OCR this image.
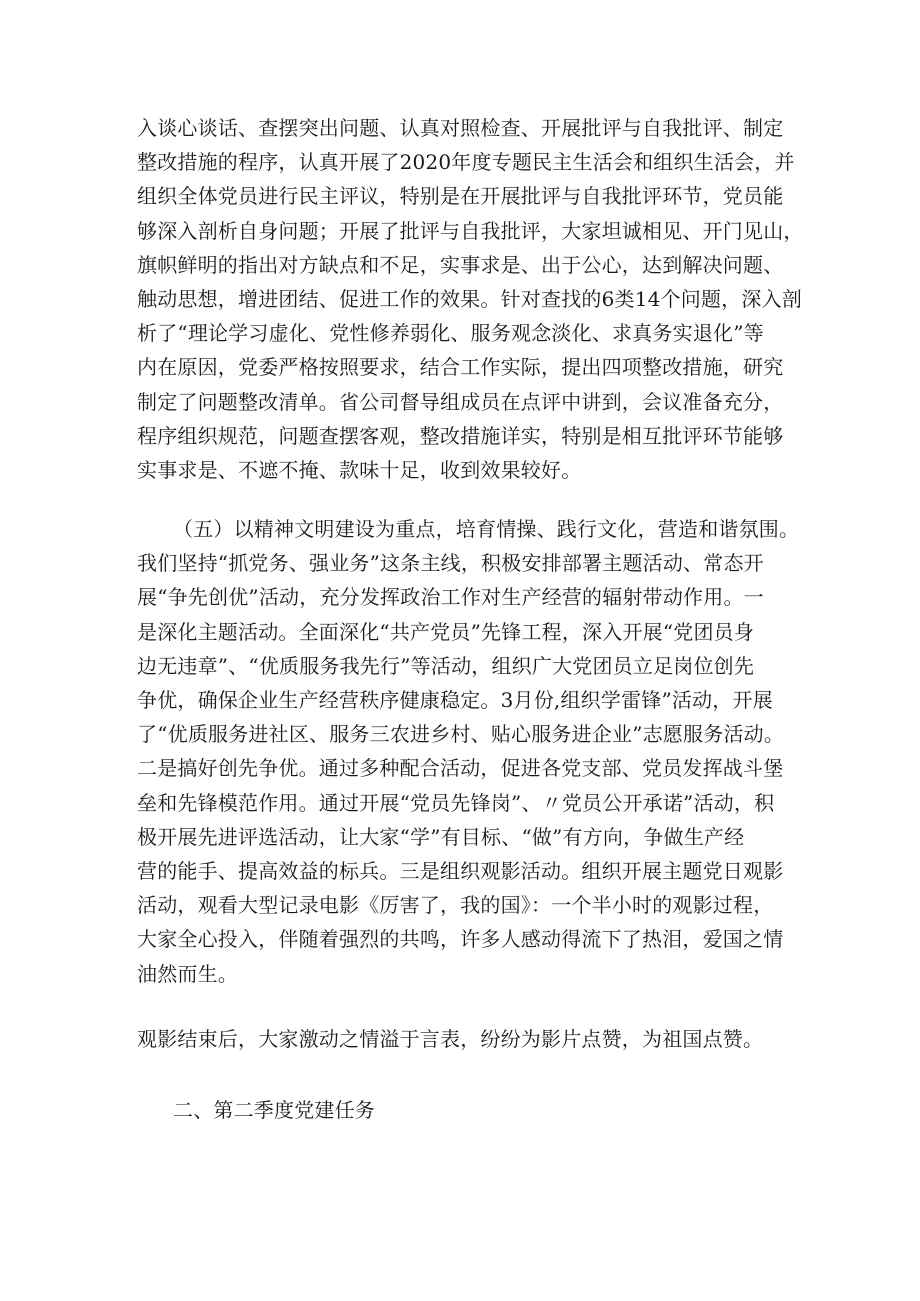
入谈心谈话、查摆突出问题、认真对照检查、开展批评与自我批评、制定
整改措施的程序，认真开展了2020年度专题民主生活会和组织生活会，并
组织全体党员进行民主评议，特别是在开展批评与自我批评环节，党员能
够深入剖析自身问题；开展了批评与自我批评，大家坦诚相见、开门见山，
旗帜鲜明的指出对方缺点和不足，实事求是、出于公心，达到解决问题、
触动思想，增进团结、促进工作的效果。针对查找的6类14个问题，深入剖
析了“理论学习虚化、党性修养弱化、服务观念淡化、求真务实退化”等
内在原因，党委严格按照要求，结合工作实际，提出四项整改措施，研究
制定了问题整改清单。省公司督导组成员在点评中讲到，会议准备充分，
程序组织规范，问题查摆客观，整改措施详实，特别是相互批评环节能够
实事求是、不遮不掩、款味十足，收到效果较好。

（五）以精神文明建设为重点，培育情操、践行文化，营造和谐氛围。
我们坚持“抓党务、强业务”这条主线，积极安排部署主题活动、常态开
展“争先创优”活动，充分发挥政治工作对生产经营的辐射带动作用。一
是深化主题活动。全面深化“共产党员”先锋工程，深入开展“党团员身
边无违章”、“优质服务我先行”等活动，组织广大党团员立足岗位创先
争优，确保企业生产经营秩序健康稳定。3月份,组织学雷锋”活动，开展
了“优质服务进社区、服务三农进乡村、贴心服务进企业”志愿服务活动。
二是搞好创先争优。通过多种配合活动，促进各党支部、党员发挥战斗堡
垒和先锋模范作用。通过开展“党员先锋岗”、〃党员公开承诺”活动，积
极开展先进评选活动，让大家“学”有目标、“做”有方向，争做生产经
营的能手、提高效益的标兵。三是组织观影活动。组织开展主题党日观影
活动，观看大型记录电影《厉害了，我的国》：一个半小时的观影过程，
大家全心投入，伴随着强烈的共鸣，许多人感动得流下了热泪，爱国之情
油然而生。

观影结束后，大家激动之情溢于言表，纷纷为影片点赞，为祖国点赞。

二、第二季度党建任务
